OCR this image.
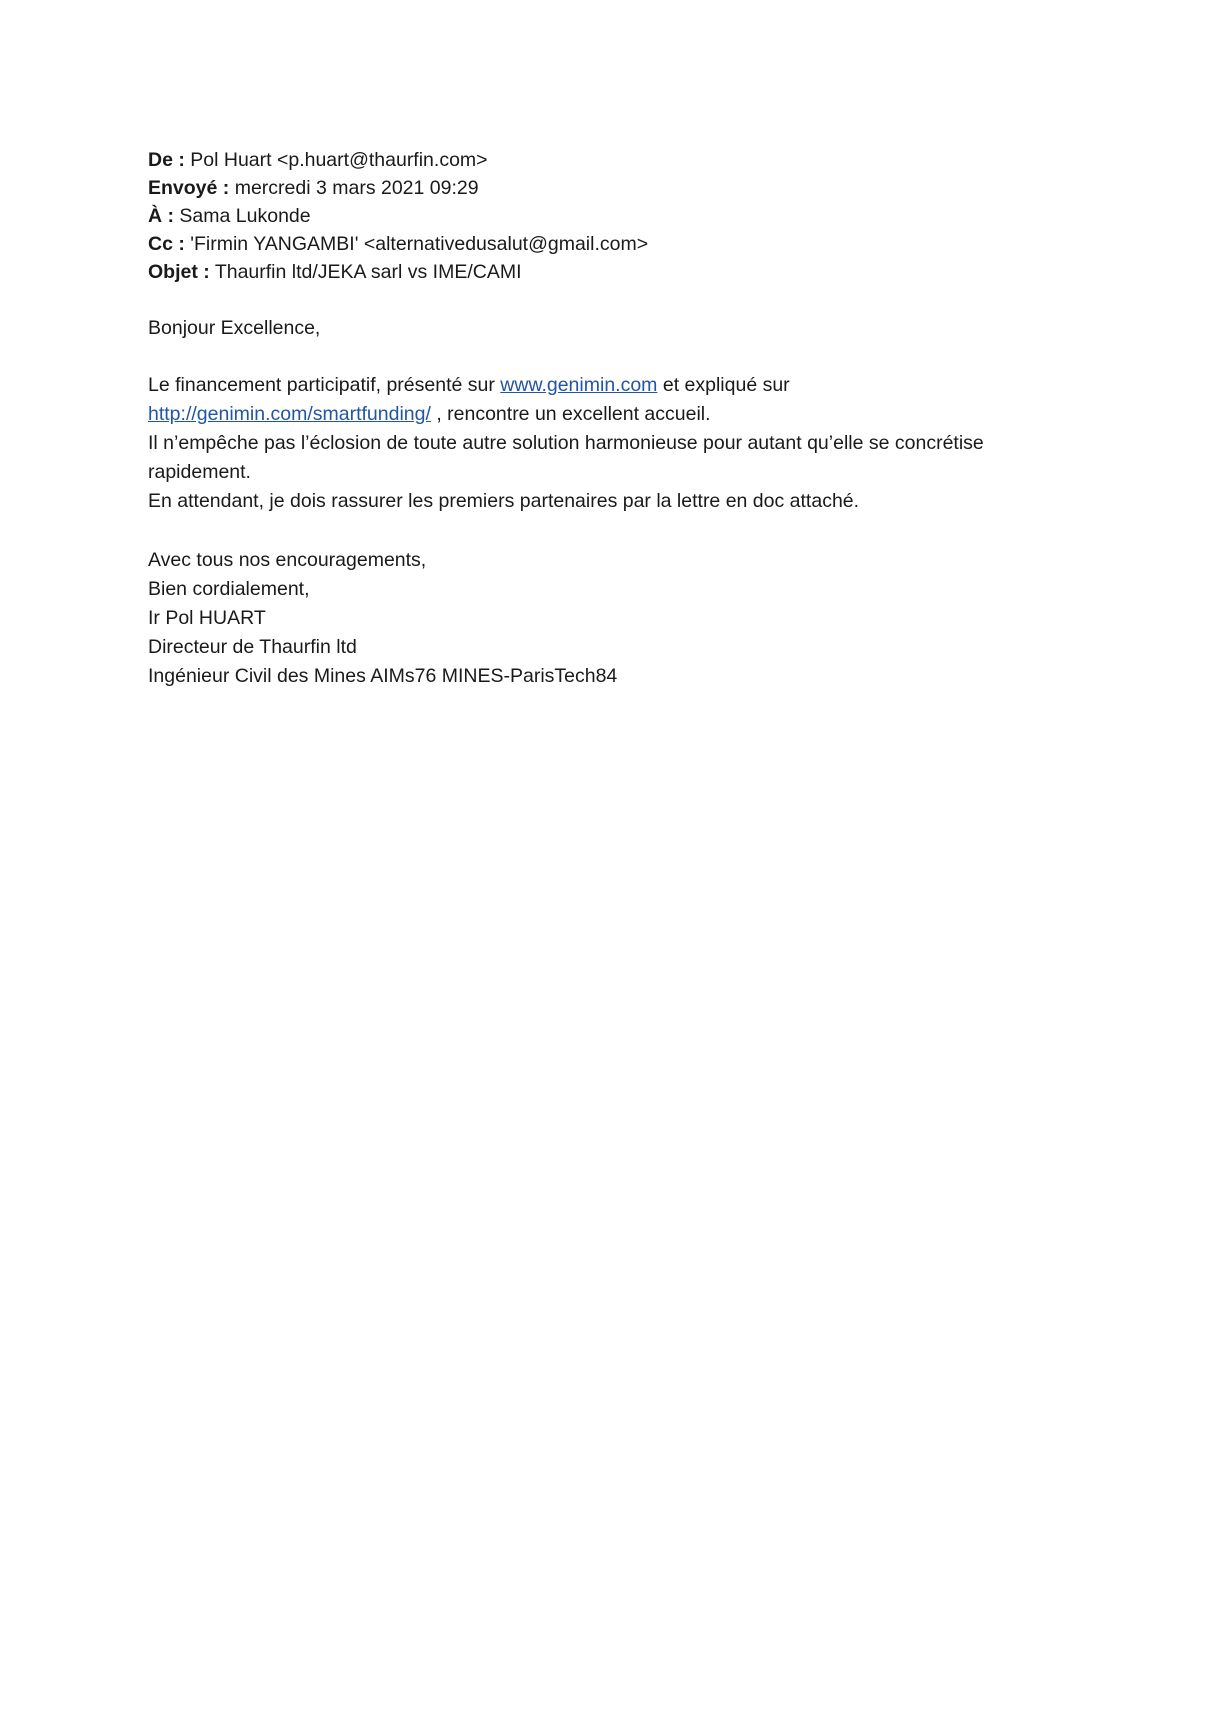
De : Pol Huart <p.huart@thaurfin.com>
Envoyé : mercredi 3 mars 2021 09:29
À : Sama Lukonde
Cc : 'Firmin YANGAMBI' <alternativedusalut@gmail.com>
Objet : Thaurfin ltd/JEKA sarl vs IME/CAMI

Bonjour Excellence,

Le financement participatif, présenté sur www.genimin.com et expliqué sur
http://genimin.com/smartfunding/ , rencontre un excellent accueil.

Il n’empêche pas l’éclosion de toute autre solution harmonieuse pour autant qu’elle se concrétise rapidement.

En attendant, je dois rassurer les premiers partenaires par la lettre en doc attaché.

Avec tous nos encouragements,

Bien cordialement,

Ir Pol HUART

Directeur de Thaurfin ltd

Ingénieur Civil des Mines AIMs76 MINES-ParisTech84
